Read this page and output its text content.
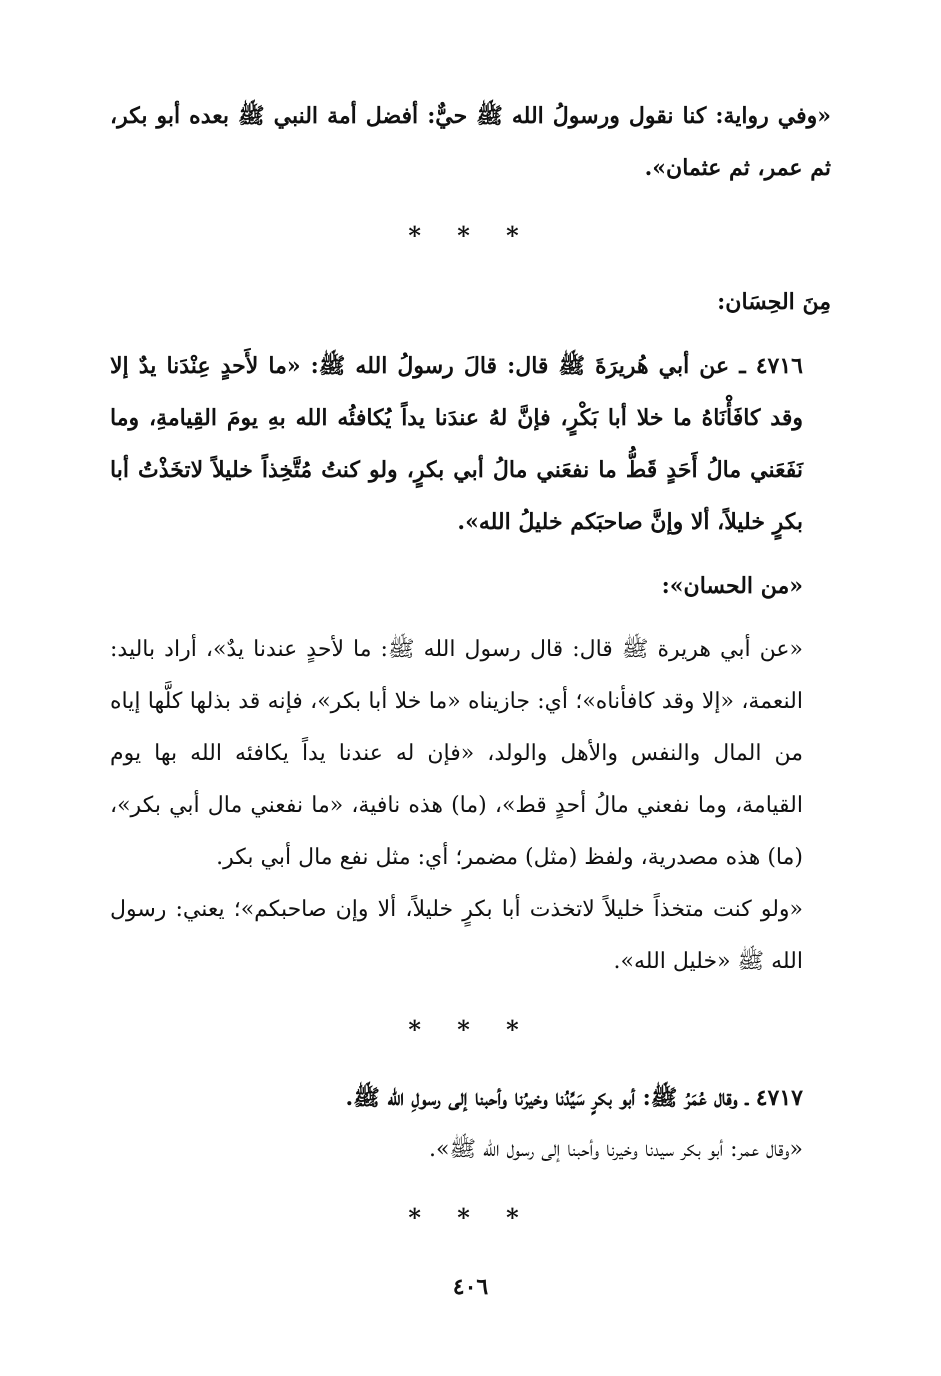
«وفي رواية: كنا نقول ورسولُ الله ﷺ حيٌّ: أفضل أمة النبي ﷺ بعده أبو بكر، ثم عمر، ثم عثمان».

* * *

مِنَ الحِسَان:

٤٧١٦ ـ عن أبي هُريرَةَ ﷺ قال: قالَ رسولُ الله ﷺ: «ما لأَحدٍ عِنْدَنا يدٌ إلا وقد كافَأْنَاهُ ما خلا أبا بَكْرٍ، فإنَّ لهُ عندَنا يداً يُكافئُه الله بهِ يومَ القِيامةِ، وما نَفَعَني مالُ أَحَدٍ قَطُّ ما نفعَني مالُ أبي بكرٍ، ولو كنتُ مُتَّخِذاً خليلاً لاتخَذْتُ أبا بكرٍ خليلاً، ألا وإنَّ صاحبَكم خليلُ الله».

«من الحسان»:

«عن أبي هريرة ﷺ قال: قال رسول الله ﷺ: ما لأحدٍ عندنا يدٌ»، أراد باليد: النعمة، «إلا وقد كافأناه»؛ أي: جازيناه «ما خلا أبا بكر»، فإنه قد بذلها كلَّها إياه من المال والنفس والأهل والولد، «فإن له عندنا يداً يكافئه الله بها يوم القيامة، وما نفعني مالُ أحدٍ قط»، (ما) هذه نافية، «ما نفعني مال أبي بكر»، (ما) هذه مصدرية، ولفظ (مثل) مضمر؛ أي: مثل نفع مال أبي بكر.

«ولو كنت متخذاً خليلاً لاتخذت أبا بكرٍ خليلاً، ألا وإن صاحبكم»؛ يعني: رسول الله ﷺ «خليل الله».

* * *

٤٧١٧ ـ وقال عُمَرُ ﷺ: أبو بكرٍ سَيِّدُنا وخيرُنا وأحبنا إلى رسولِ الله ﷺ.

«وقال عمر: أبو بكر سيدنا وخيرنا وأحبنا إلى رسول الله ﷺ».

* * *
٤٠٦
